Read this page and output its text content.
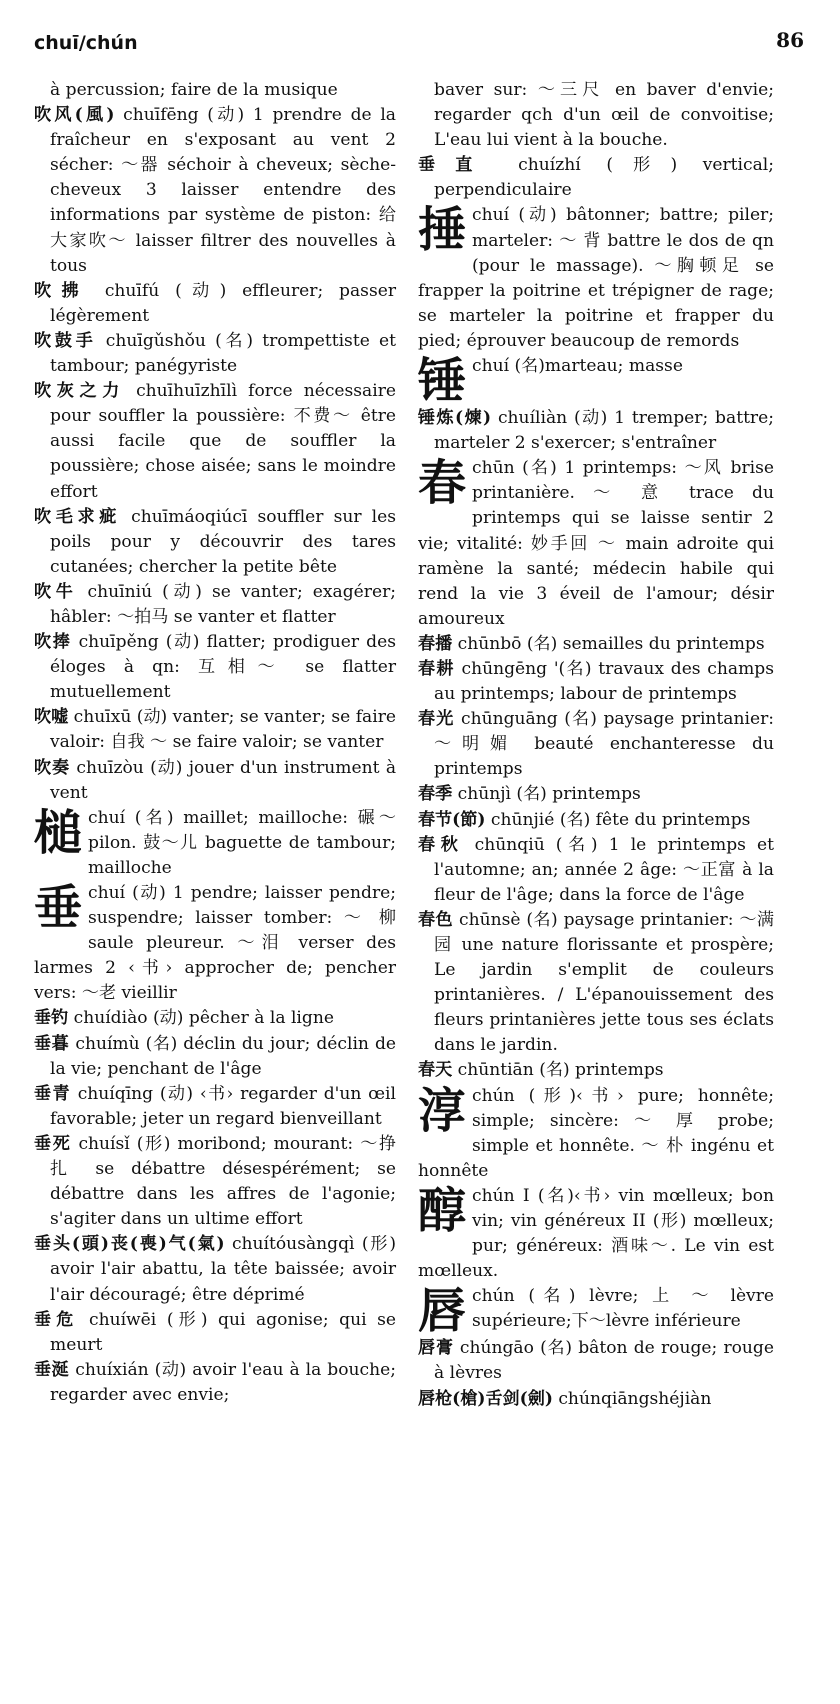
chuī/chún	86

à percussion; faire de la musique

吹风(風) chuīfēng (动) 1 prendre de la fraîcheur en s'exposant au vent 2 sécher: ～器 séchoir à cheveux; sèche-cheveux 3 laisser entendre des informations par système de piston: 给大家吹～ laisser filtrer des nouvelles à tous

吹拂 chuīfú (动) effleurer; passer légèrement

吹鼓手 chuīgǔshǒu (名) trompettiste et tambour; panégyriste

吹灰之力 chuīhuīzhīlì force nécessaire pour souffler la poussière: 不费～ être aussi facile que de souffler la poussière; chose aisée; sans le moindre effort

吹毛求疵 chuīmáoqiúcī souffler sur les poils pour y découvrir des tares cutanées; chercher la petite bête

吹牛 chuīniú (动) se vanter; exagérer; hâbler: ～拍马 se vanter et flatter

吹捧 chuīpěng (动) flatter; prodiguer des éloges à qn: 互相～ se flatter mutuellement

吹嘘 chuīxū (动) vanter; se vanter; se faire valoir: 自我 ～ se faire valoir; se vanter

吹奏 chuīzòu (动) jouer d'un instrument à vent

槌chuí (名) maillet; mailloche: 碾～ pilon. 鼓～儿 baguette de tambour; mailloche

垂chuí (动) 1 pendre; laisser pendre; suspendre; laisser tomber: ～ 柳 saule pleureur. ～泪 verser des larmes 2 ‹书› approcher de; pencher vers: ～老 vieillir

垂钓 chuídiào (动) pêcher à la ligne

垂暮 chuímù (名) déclin du jour; déclin de la vie; penchant de l'âge

垂青 chuíqīng (动) ‹书› regarder d'un œil favorable; jeter un regard bienveillant

垂死 chuísǐ (形) moribond; mourant: ～挣扎 se débattre désespérément; se débattre dans les affres de l'agonie; s'agiter dans un ultime effort

垂头(頭)丧(喪)气(氣) chuítóusàngqì (形) avoir l'air abattu, la tête baissée; avoir l'air découragé; être déprimé

垂危 chuíwēi (形) qui agonise; qui se meurt

垂涎 chuíxián (动) avoir l'eau à la bouche; regarder avec envie;

baver sur: ～三尺 en baver d'envie; regarder qch d'un œil de convoitise; L'eau lui vient à la bouche.

垂直 chuízhí (形) vertical; perpendiculaire

捶chuí (动) bâtonner; battre; piler; marteler: ～ 背 battre le dos de qn (pour le massage). ～胸顿足 se frapper la poitrine et trépigner de rage; se marteler la poitrine et frapper du pied; éprouver beaucoup de remords

锤chuí (名)marteau; masse

锤炼(煉) chuíliàn (动) 1 tremper; battre; marteler 2 s'exercer; s'entraîner

春chūn (名) 1 printemps: ～风 brise printanière. ～ 意 trace du printemps qui se laisse sentir 2 vie; vitalité: 妙手回 ～ main adroite qui ramène la santé; médecin habile qui rend la vie 3 éveil de l'amour; désir amoureux

春播 chūnbō (名) semailles du printemps

春耕 chūngēng '(名) travaux des champs au printemps; labour de printemps

春光 chūnguāng (名) paysage printanier: ～明媚 beauté enchanteresse du printemps

春季 chūnjì (名) printemps

春节(節) chūnjié (名) fête du printemps

春秋 chūnqiū (名) 1 le printemps et l'automne; an; année 2 âge: ～正富 à la fleur de l'âge; dans la force de l'âge

春色 chūnsè (名) paysage printanier: ～满园 une nature florissante et prospère; Le jardin s'emplit de couleurs printanières. / L'épanouissement des fleurs printanières jette tous ses éclats dans le jardin.

春天 chūntiān (名) printemps

淳chún (形)‹书› pure; honnête; simple; sincère: ～ 厚 probe; simple et honnête. ～ 朴 ingénu et honnête

醇chún I (名)‹书› vin mœlleux; bon vin; vin généreux II (形) mœlleux; pur; généreux: 酒味～. Le vin est mœlleux.

唇chún (名) lèvre; 上 ～ lèvre supérieure;下～lèvre inférieure

唇膏 chúngāo (名) bâton de rouge; rouge à lèvres

唇枪(槍)舌剑(劍) chúnqiāngshéjiàn
